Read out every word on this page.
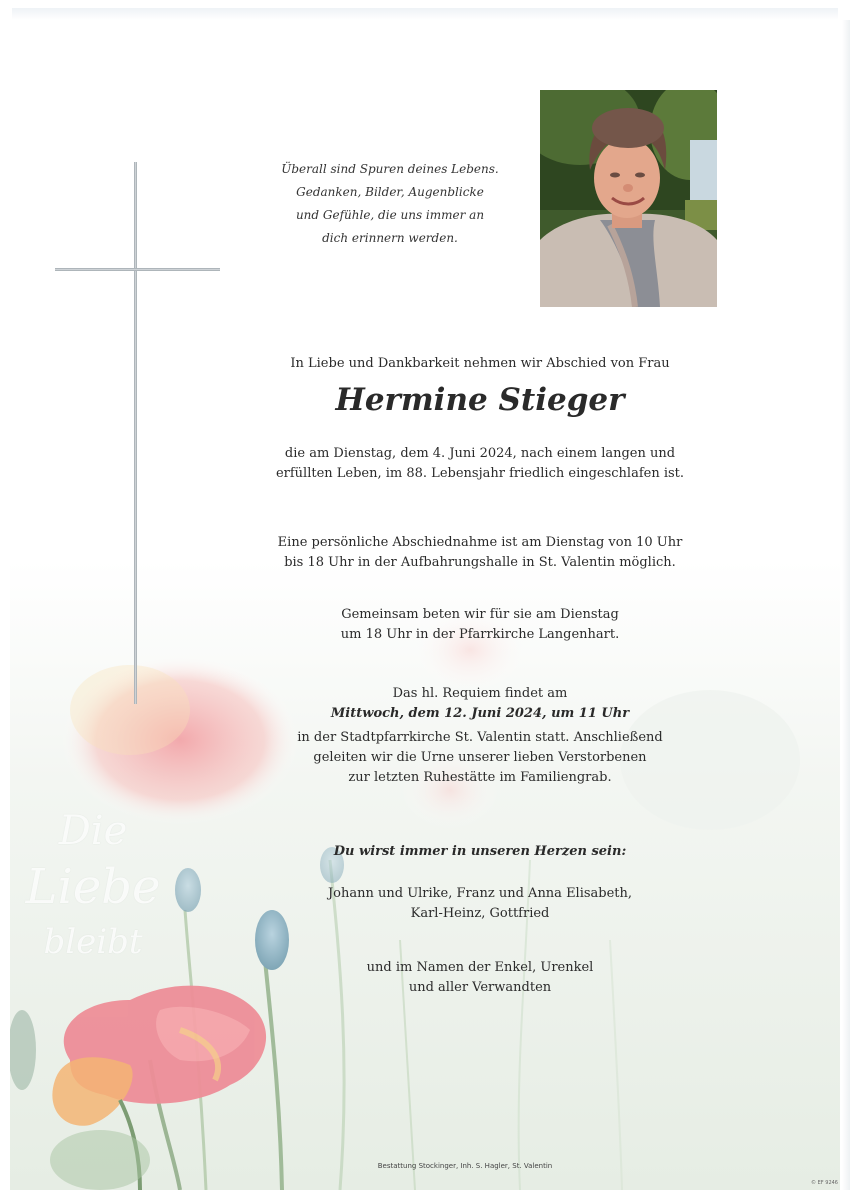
Überall sind Spuren deines Lebens.
Gedanken, Bilder, Augenblicke
und Gefühle, die uns immer an
dich erinnern werden.
In Liebe und Dankbarkeit nehmen wir Abschied von Frau
Hermine Stieger
die am Dienstag, dem 4. Juni 2024, nach einem langen und
erfüllten Leben, im 88. Lebensjahr friedlich eingeschlafen ist.
Eine persönliche Abschiednahme ist am Dienstag von 10 Uhr
bis 18 Uhr in der Aufbahrungshalle in St. Valentin möglich.
Gemeinsam beten wir für sie am Dienstag
um 18 Uhr in der Pfarrkirche Langenhart.
Das hl. Requiem findet am
Mittwoch, dem 12. Juni 2024, um 11 Uhr
in der Stadtpfarrkirche St. Valentin statt. Anschließend
geleiten wir die Urne unserer lieben Verstorbenen
zur letzten Ruhestätte im Familiengrab.
Du wirst immer in unseren Herzen sein:
Johann und Ulrike, Franz und Anna Elisabeth,
Karl-Heinz, Gottfried
und im Namen der Enkel, Urenkel
und aller Verwandten
Die
Liebe
bleibt
Bestattung Stockinger, Inh. S. Hagler, St. Valentin
© EF 9246
